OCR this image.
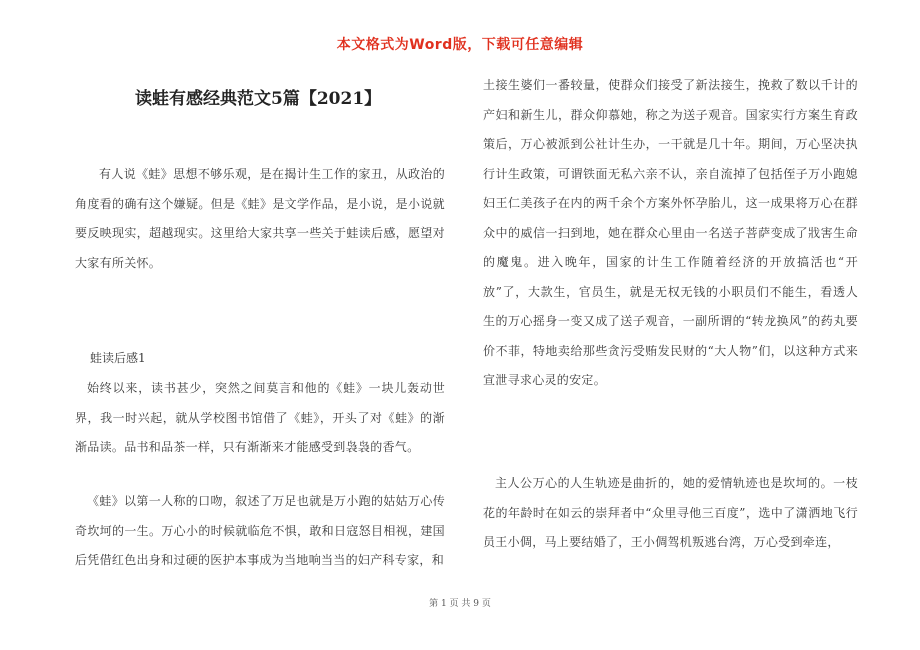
本文格式为Word版，下载可任意编辑
读蛙有感经典范文5篇【2021】

有人说《蛙》思想不够乐观，是在揭计生工作的家丑，从政治的角度看的确有这个嫌疑。但是《蛙》是文学作品，是小说，是小说就要反映现实，超越现实。这里给大家共享一些关于蛙读后感，愿望对大家有所关怀。

蛙读后感1

始终以来，读书甚少，突然之间莫言和他的《蛙》一块儿轰动世界，我一时兴起，就从学校图书馆借了《蛙》，开头了对《蛙》的渐渐品读。品书和品茶一样，只有渐渐来才能感受到袅袅的香气。

《蛙》以第一人称的口吻，叙述了万足也就是万小跑的姑姑万心传奇坎坷的一生。万心小的时候就临危不惧，敢和日寇怒目相视，建国后凭借红色出身和过硬的医护本事成为当地响当当的妇产科专家，和

土接生婆们一番较量，使群众们接受了新法接生，挽救了数以千计的产妇和新生儿，群众仰慕她，称之为送子观音。国家实行方案生育政策后，万心被派到公社计生办，一干就是几十年。期间，万心坚决执行计生政策，可谓铁面无私六亲不认，亲自流掉了包括侄子万小跑媳妇王仁美孩子在内的两千余个方案外怀孕胎儿，这一成果将万心在群众中的威信一扫到地，她在群众心里由一名送子菩萨变成了戕害生命的魔鬼。进入晚年，国家的计生工作随着经济的开放搞活也“开放”了，大款生，官员生，就是无权无钱的小职员们不能生，看透人生的万心摇身一变又成了送子观音，一副所谓的“转龙换风”的药丸要价不菲，特地卖给那些贪污受贿发民财的“大人物”们，以这种方式来宣泄寻求心灵的安定。

主人公万心的人生轨迹是曲折的，她的爱情轨迹也是坎坷的。一枝花的年龄时在如云的崇拜者中“众里寻他三百度”，选中了潇洒地飞行员王小倜，马上要结婚了，王小倜驾机叛逃台湾，万心受到牵连，

第 1 页 共 9 页
